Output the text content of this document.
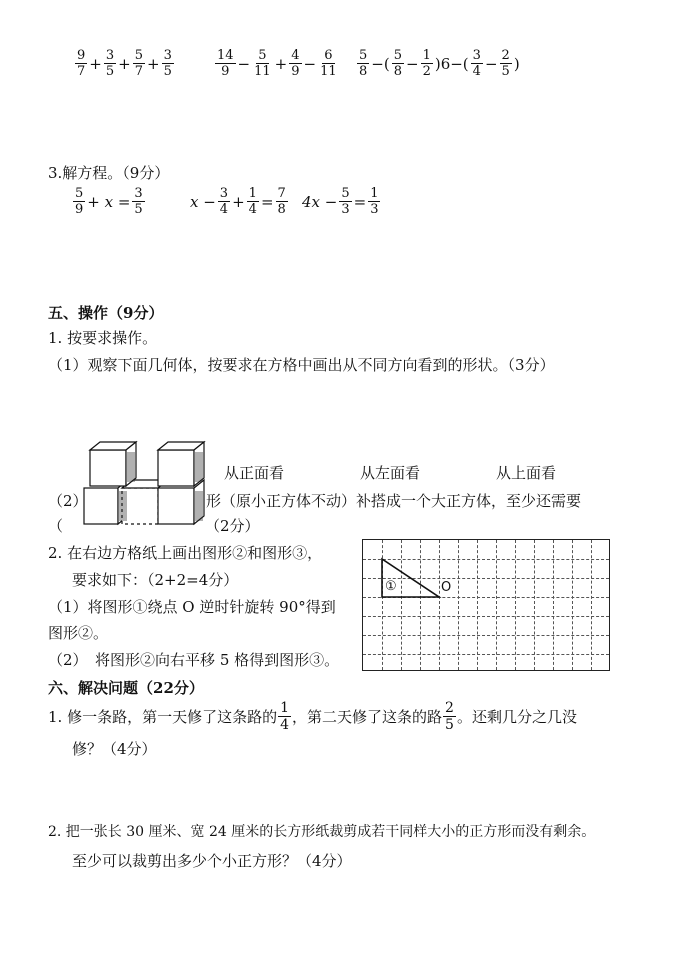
$\frac{9}{7} + \frac{3}{5} + \frac{5}{7} + \frac{3}{5}$	$\frac{14}{9} - \frac{5}{11} + \frac{4}{9} - \frac{6}{11} \frac{5}{8}$ −( $\frac{5}{8} - \frac{1}{2} )6-( \frac{3}{4} - \frac{2}{5}$ )
3.解方程。（9分）
$\frac{5}{9} + x = \frac{3}{5}$	$x - \frac{3}{4} + \frac{1}{4} = \frac{7}{8} 4x - \frac{5}{3} = \frac{1}{3}$
五、操作（9分）
1. 按要求操作。
（1）观察下面几何体，按要求在方格中画出从不同方向看到的形状。（3分）
从正面看	从左面看	从上面看
（2）	形（原小正方体不动）补搭成一个大正方体，至少还需要
（	（2分）
2. 在右边方格纸上画出图形②和图形③，
要求如下：（2+2=4分）
（1）将图形①绕点 O 逆时针旋转 90°得到
图形②。
（2）　将图形②向右平移 5 格得到图形③。
①	O
六、解决问题（22分）
1. 修一条路，第一天修了这条路的 $\frac{1}{4}$ ，第二天修了这条的路 $\frac{2}{5}$ 。还剩几分之几没
修？（4分）
2. 把一张长 30 厘米、宽 24 厘米的长方形纸裁剪成若干同样大小的正方形而没有剩余。
至少可以裁剪出多少个小正方形？（4分）
